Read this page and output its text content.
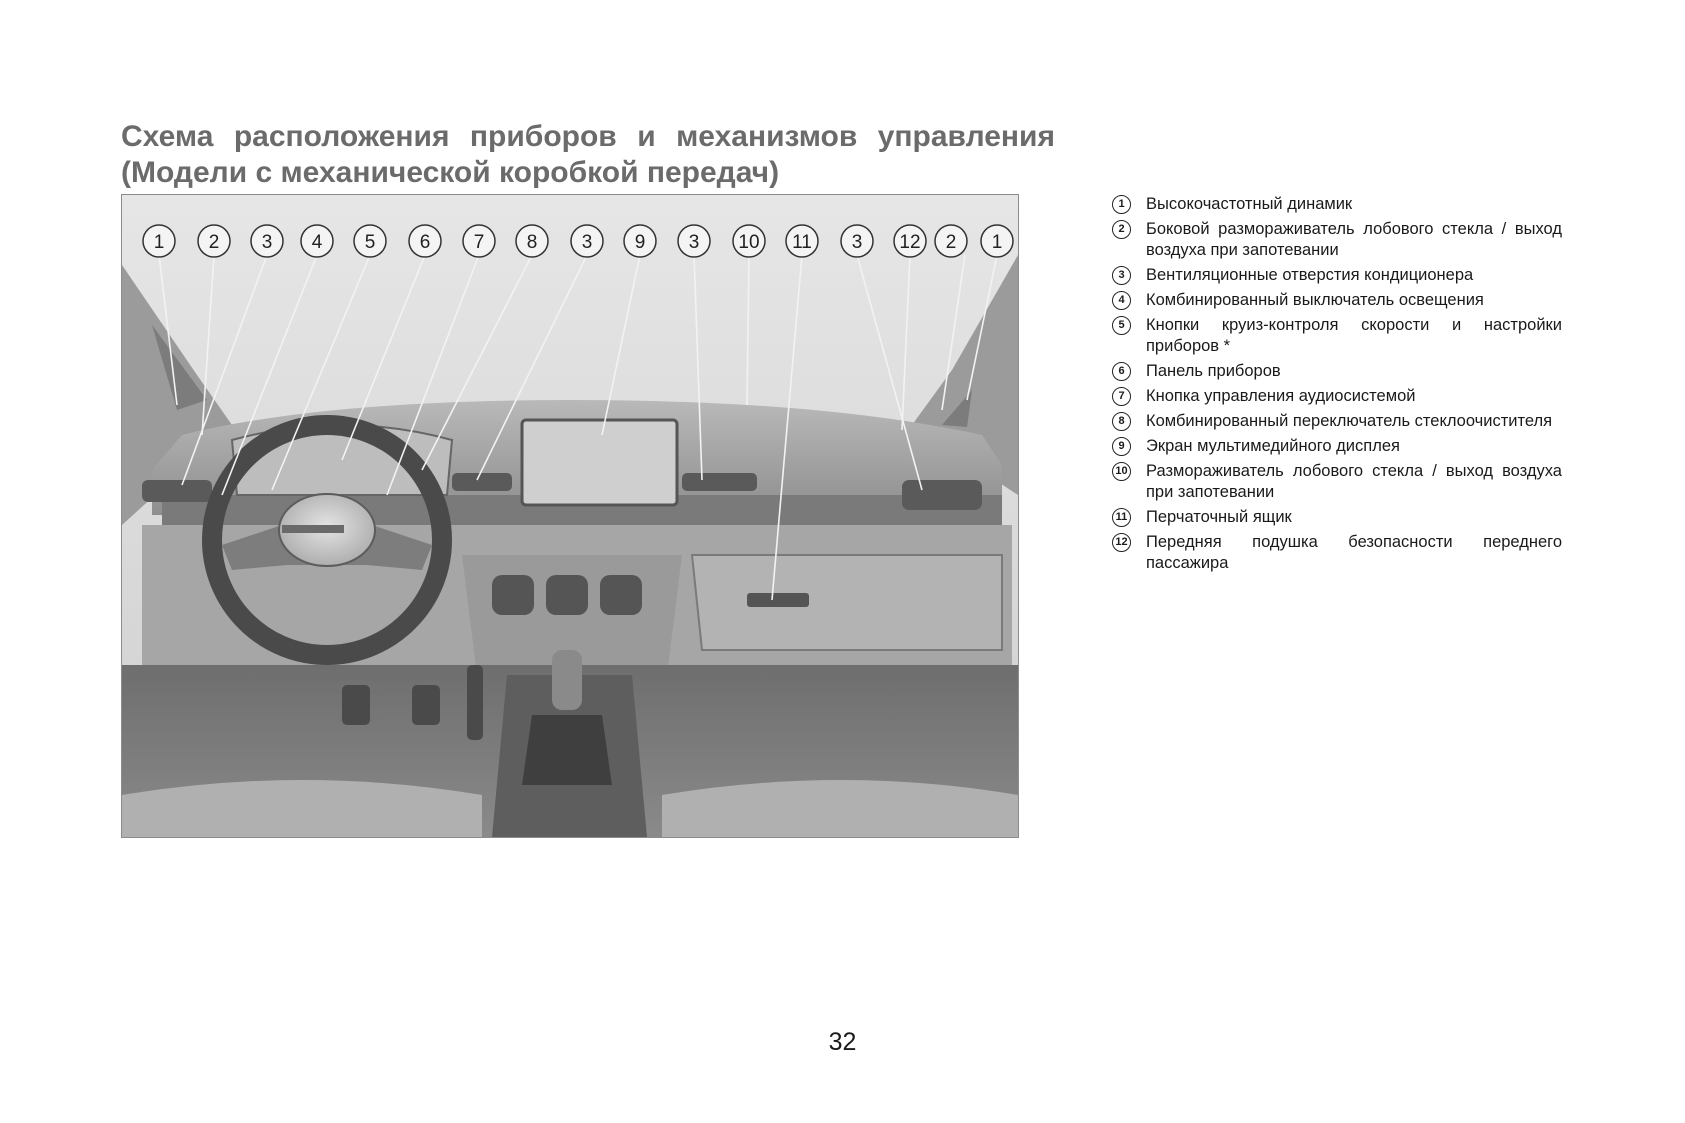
Схема расположения приборов и механизмов управления
(Модели с механической коробкой передач)
1 2 3 4 5 6 7 8 3 9 3 10 11 3 12 2 1
1	Высокочастотный динамик
2	Боковой размораживатель лобового стекла / выход воздуха при запотевании
3	Вентиляционные отверстия кондиционера
4	Комбинированный выключатель освещения
5	Кнопки круиз-контроля скорости и настройки приборов *
6	Панель приборов
7	Кнопка управления аудиосистемой
8	Комбинированный переключатель стеклоочистителя
9	Экран мультимедийного дисплея
10 Размораживатель лобового стекла / выход воздуха при запотевании
11 Перчаточный ящик
12 Передняя подушка безопасности переднего пассажира
32
